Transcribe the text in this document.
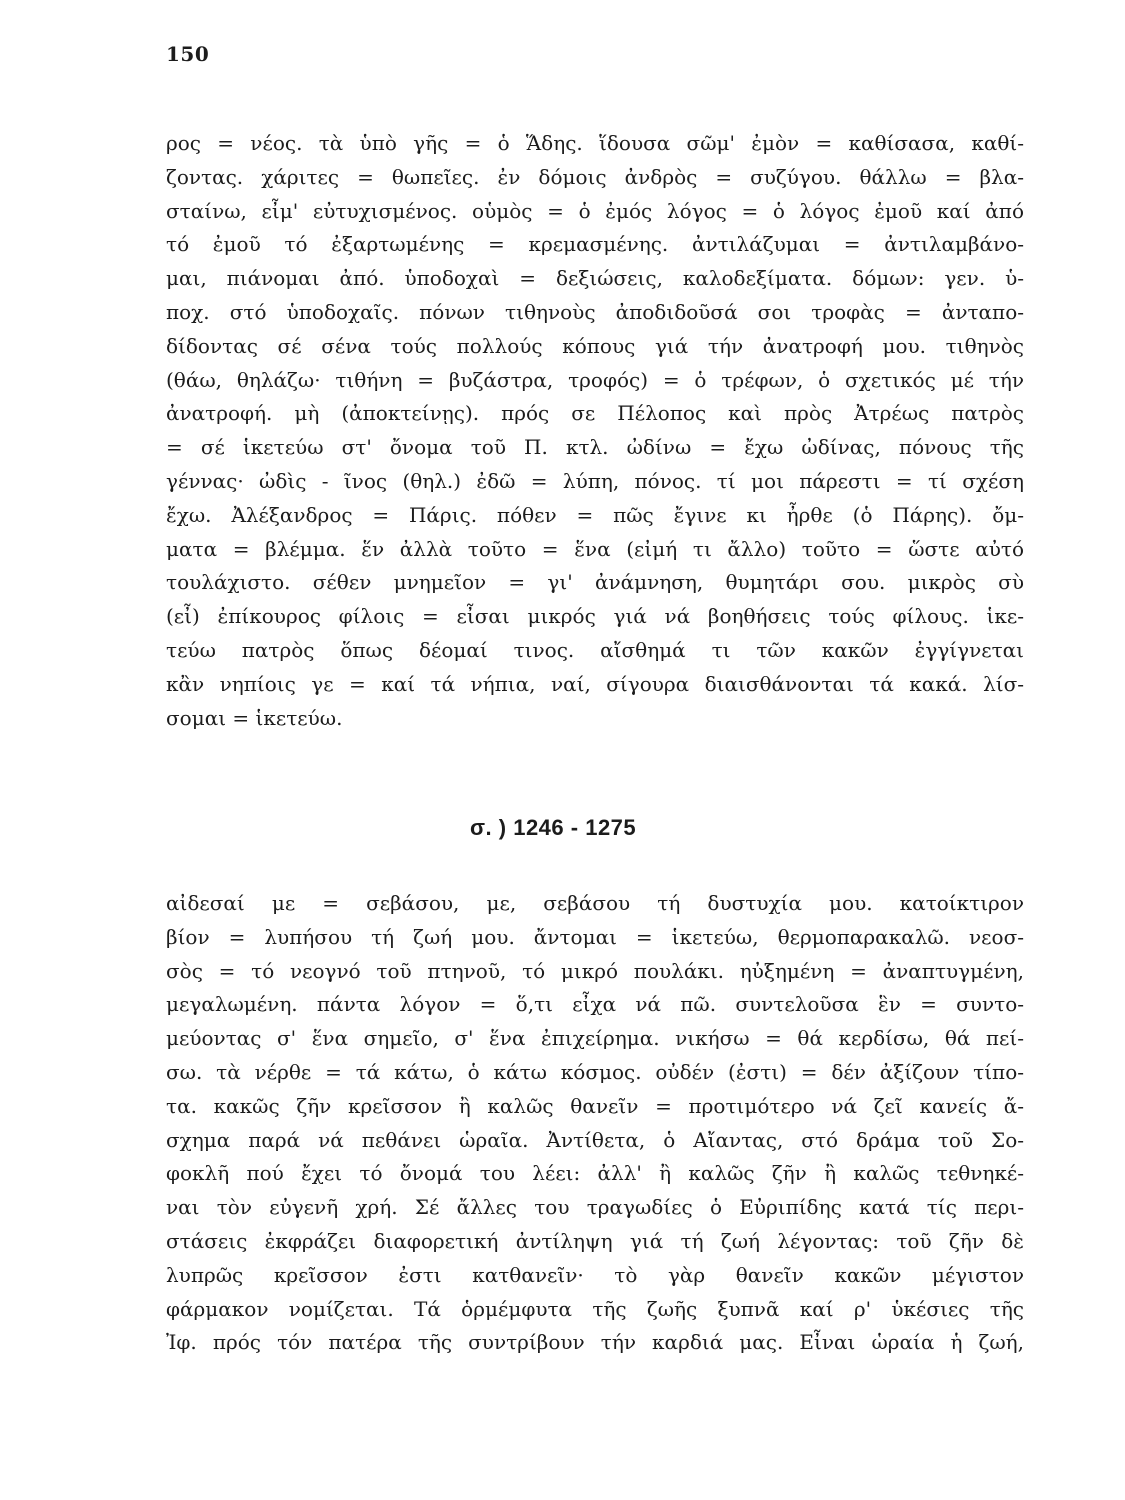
150
ρος = νέος. τὰ ὑπὸ γῆς = ὁ Ἅδης. ἵδουσα σῶμ' ἐμὸν = καθίσασα, καθί-
ζοντας. χάριτες = θωπεῖες. ἐν δόμοις ἀνδρὸς = συζύγου. θάλλω = βλα-
σταίνω, εἶμ' εὐτυχισμένος. οὑμὸς = ὁ ἐμός λόγος = ὁ λόγος ἐμοῦ καί ἀπό
τό ἐμοῦ τό ἐξαρτωμένης = κρεμασμένης. ἀντιλάζυμαι = ἀντιλαμβάνο-
μαι, πιάνομαι ἀπό. ὑποδοχαὶ = δεξιώσεις, καλοδεξίματα. δόμων: γεν. ὑ-
ποχ. στό ὑποδοχαῖς. πόνων τιθηνοὺς ἀποδιδοῦσά σοι τροφὰς = ἀνταπο-
δίδοντας σέ σένα τούς πολλούς κόπους γιά τήν ἀνατροφή μου. τιθηνὸς
(θάω, θηλάζω· τιθήνη = βυζάστρα, τροφός) = ὁ τρέφων, ὁ σχετικός μέ τήν
ἀνατροφή. μὴ (ἀποκτείνῃς). πρός σε Πέλοπος καὶ πρὸς Ἀτρέως πατρὸς
= σέ ἱκετεύω στ' ὄνομα τοῦ Π. κτλ. ὠδίνω = ἔχω ὠδίνας, πόνους τῆς
γέννας· ὠδὶς - ῖνος (θηλ.) ἐδῶ = λύπη, πόνος. τί μοι πάρεστι = τί σχέση
ἔχω. Ἀλέξανδρος = Πάρις. πόθεν = πῶς ἔγινε κι ἦρθε (ὁ Πάρης). ὄμ-
ματα = βλέμμα. ἕν ἀλλὰ τοῦτο = ἕνα (εἰμή τι ἄλλο) τοῦτο = ὥστε αὐτό
τουλάχιστο. σέθεν μνημεῖον = γι' ἀνάμνηση, θυμητάρι σου. μικρὸς σὺ
(εἶ) ἐπίκουρος φίλοις = εἶσαι μικρός γιά νά βοηθήσεις τούς φίλους. ἱκε-
τεύω πατρὸς ὅπως δέομαί τινος. αἴσθημά τι τῶν κακῶν ἐγγίγνεται
κἂν νηπίοις γε = καί τά νήπια, ναί, σίγουρα διαισθάνονται τά κακά. λίσ-
σομαι = ἱκετεύω.
σ. ) 1246 - 1275
αἰδεσαί με = σεβάσου, με, σεβάσου τή δυστυχία μου. κατοίκτιρον
βίον = λυπήσου τή ζωή μου. ἄντομαι = ἱκετεύω, θερμοπαρακαλῶ. νεοσ-
σὸς = τό νεογνό τοῦ πτηνοῦ, τό μικρό πουλάκι. ηὐξημένη = ἀναπτυγμένη,
μεγαλωμένη. πάντα λόγον = ὅ,τι εἶχα νά πῶ. συντελοῦσα ἓν = συντο-
μεύοντας σ' ἕνα σημεῖο, σ' ἕνα ἐπιχείρημα. νικήσω = θά κερδίσω, θά πεί-
σω. τὰ νέρθε = τά κάτω, ὁ κάτω κόσμος. οὐδέν (ἐστι) = δέν ἀξίζουν τίπο-
τα. κακῶς ζῆν κρεῖσσον ἢ καλῶς θανεῖν = προτιμότερο νά ζεῖ κανείς ἄ-
σχημα παρά νά πεθάνει ὡραῖα. Ἀντίθετα, ὁ Αἴαντας, στό δράμα τοῦ Σο-
φοκλῆ πού ἔχει τό ὄνομά του λέει: ἀλλ' ἢ καλῶς ζῆν ἢ καλῶς τεθνηκέ-
ναι τὸν εὐγενῆ χρή. Σέ ἄλλες του τραγωδίες ὁ Εὐριπίδης κατά τίς περι-
στάσεις ἐκφράζει διαφορετική ἀντίληψη γιά τή ζωή λέγοντας: τοῦ ζῆν δὲ
λυπρῶς κρεῖσσον ἐστι κατθανεῖν· τὸ γὰρ θανεῖν κακῶν μέγιστον
φάρμακον νομίζεται. Τά ὁρμέμφυτα τῆς ζωῆς ξυπνᾶ καί ρ' ὑκέσιες τῆς
Ἰφ. πρός τόν πατέρα τῆς συντρίβουν τήν καρδιά μας. Εἶναι ὡραία ἡ ζωή,
